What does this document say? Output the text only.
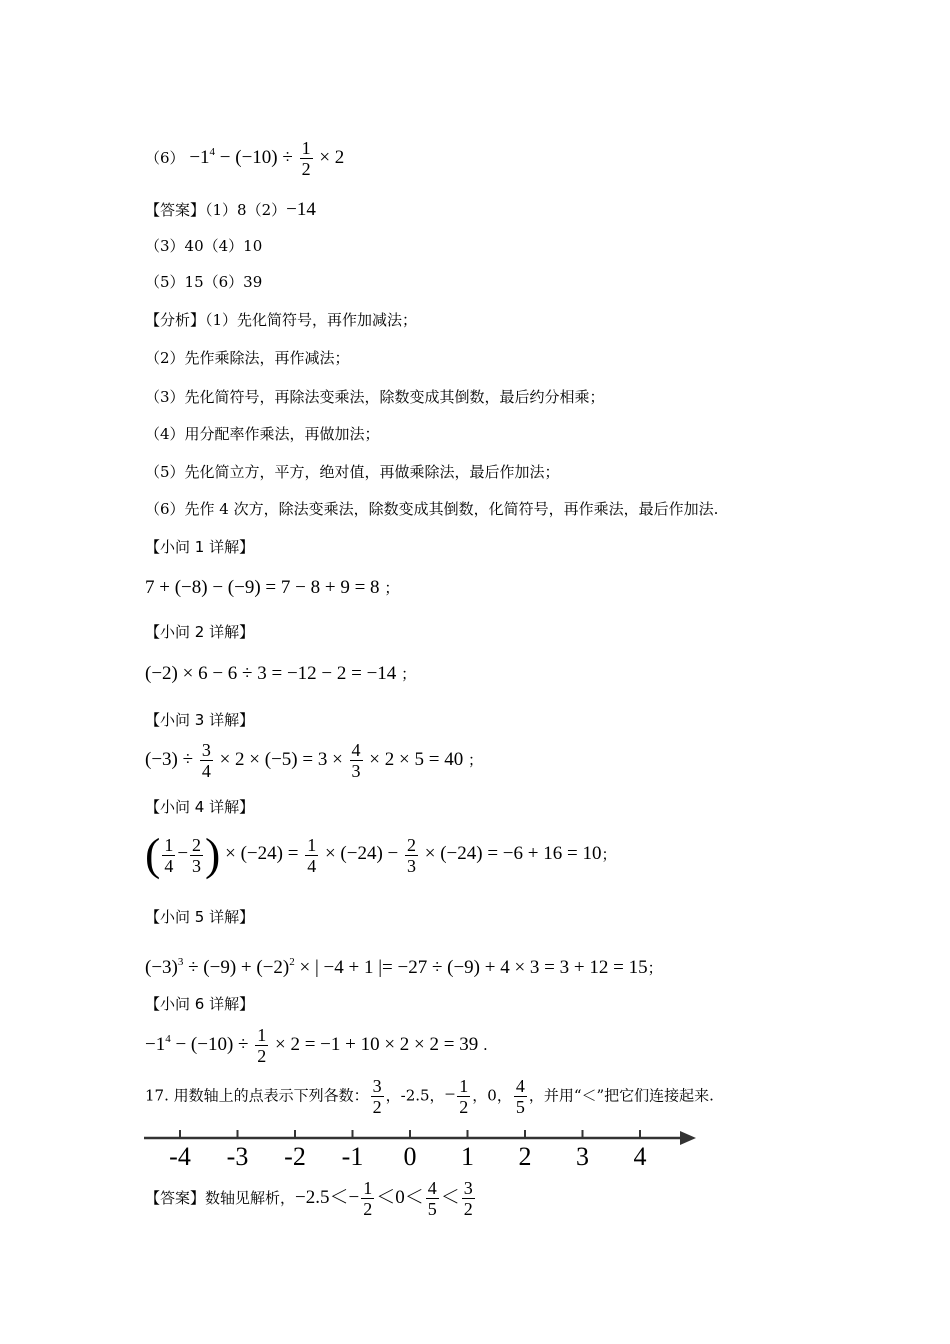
$(6) -1^4 - (-10) \div \frac{1}{2} \times 2$
【答案】（1）8（2）−14
（3）40（4）10
（5）15（6）39
【分析】（1）先化简符号，再作加减法；
（2）先作乘除法，再作减法；
（3）先化简符号，再除法变乘法，除数变成其倒数，最后约分相乘；
（4）用分配率作乘法，再做加法；
（5）先化简立方，平方，绝对值，再做乘除法，最后作加法；
（6）先作 4 次方，除法变乘法，除数变成其倒数，化简符号，再作乘法，最后作加法.
【小问 1 详解】
7 + (−8) − (−9) = 7 − 8 + 9 = 8 ；
【小问 2 详解】
(−2) × 6 − 6 ÷ 3 = −12 − 2 = −14 ；
【小问 3 详解】
$(-3) \div \frac{3}{4} \times 2 \times (-5) = 3 \times \frac{4}{3} \times 2 \times 5 = 40$ ；
【小问 4 详解】
( $\frac{1}{4} - \frac{2}{3}$ ) × $(-24) = \frac{1}{4} \times (-24) - \frac{2}{3} \times (-24) = -6 + 16 = 10$；
【小问 5 详解】
$(-3)^3 \div (-9) + (-2)^2$ × | −4 + 1 |= −27 ÷ (−9) + 4 × 3 = 3 + 12 = 15；
【小问 6 详解】
$-1^4 - (-10) \div \frac{1}{2} \times 2 = -1 + 10 \times 2 \times 2 = 39$ .
17. 用数轴上的点表示下列各数： $\frac{3}{2}$ ，-2.5，− $\frac{1}{2}$ ，0， $\frac{4}{5}$ ，并用“＜”把它们连接起来.
-4 -3 -2 -1 0 1 2 3 4
【答案】数轴见解析，$-2.5<- \frac{1}{2} <0< \frac{4}{5} < \frac{3}{2}$
